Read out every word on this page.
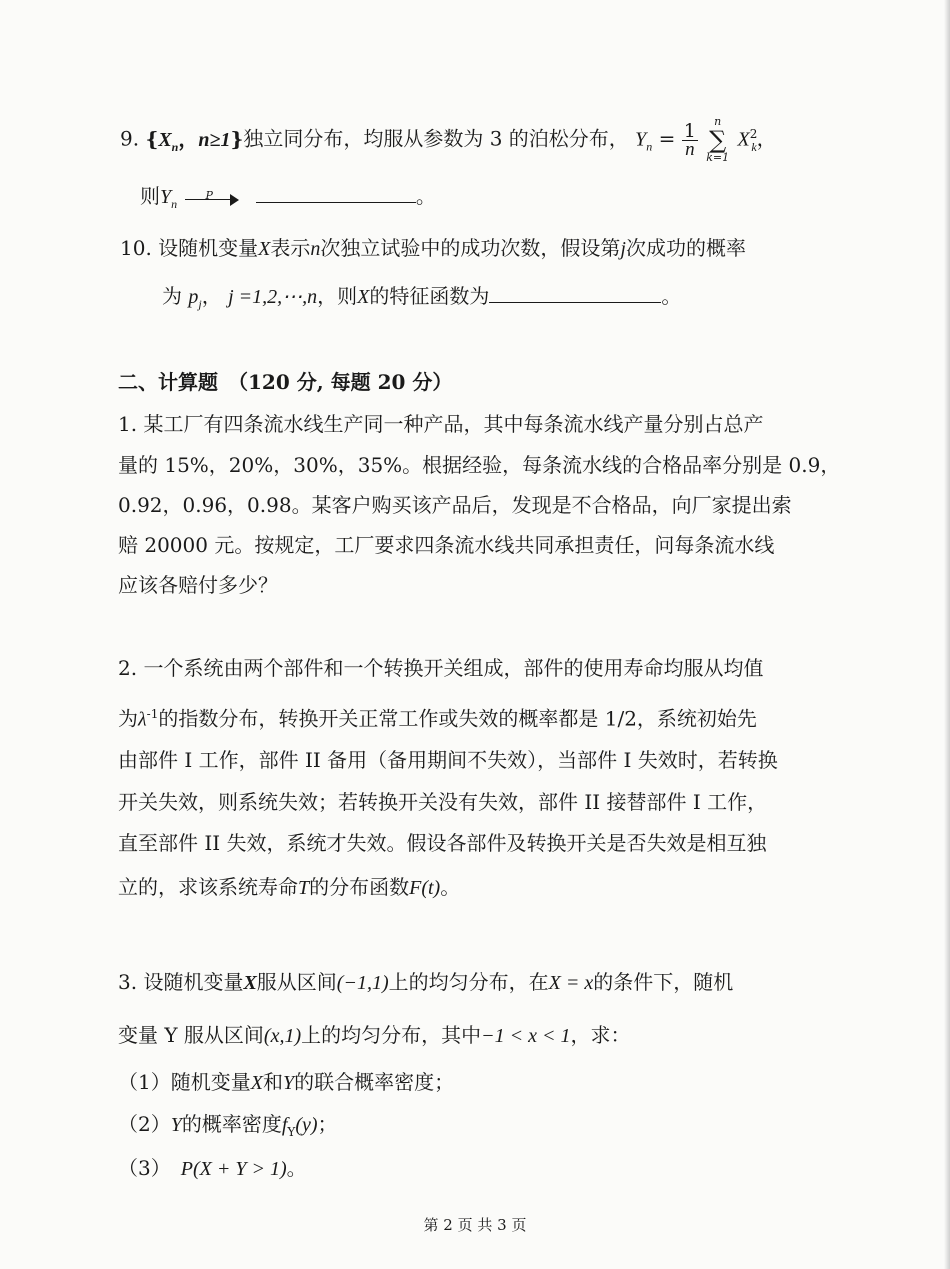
9. {$X_n$，n≥1}独立同分布，均服从参数为 3 的泊松分布， $Y_n = \frac{1}{n}$
	n
∑
k=1
$X^2_k$，
则$Y_n$
P	。
10. 设随机变量X表示n次独立试验中的成功次数，假设第j次成功的概率
为 $p_j$， j =1,2,⋯,n，则X的特征函数为	。
二、计算题　（120 分, 每题 20 分）
1. 某工厂有四条流水线生产同一种产品，其中每条流水线产量分别占总产
量的 15%，20%，30%，35%。根据经验，每条流水线的合格品率分别是 0.9，
0.92，0.96，0.98。某客户购买该产品后，发现是不合格品，向厂家提出索
赔 20000 元。按规定，工厂要求四条流水线共同承担责任，问每条流水线
应该各赔付多少？
2. 一个系统由两个部件和一个转换开关组成，部件的使用寿命均服从均值
为$\lambda^{-1}$的指数分布，转换开关正常工作或失效的概率都是 1/2，系统初始先
由部件 I 工作，部件 II 备用（备用期间不失效），当部件 I 失效时，若转换
开关失效，则系统失效；若转换开关没有失效，部件 II 接替部件 I 工作，
直至部件 II 失效，系统才失效。假设各部件及转换开关是否失效是相互独
立的，求该系统寿命T的分布函数F(t)。
3. 设随机变量X服从区间(−1,1)上的均匀分布，在X = x的条件下，随机
变量 Y 服从区间(x,1)上的均匀分布，其中−1 < x < 1，求：
（1）随机变量X和Y的联合概率密度；
（2）Y的概率密度$f_Y(y)$；
（3）　P(X + Y > 1)。
第 2 页 共 3 页
